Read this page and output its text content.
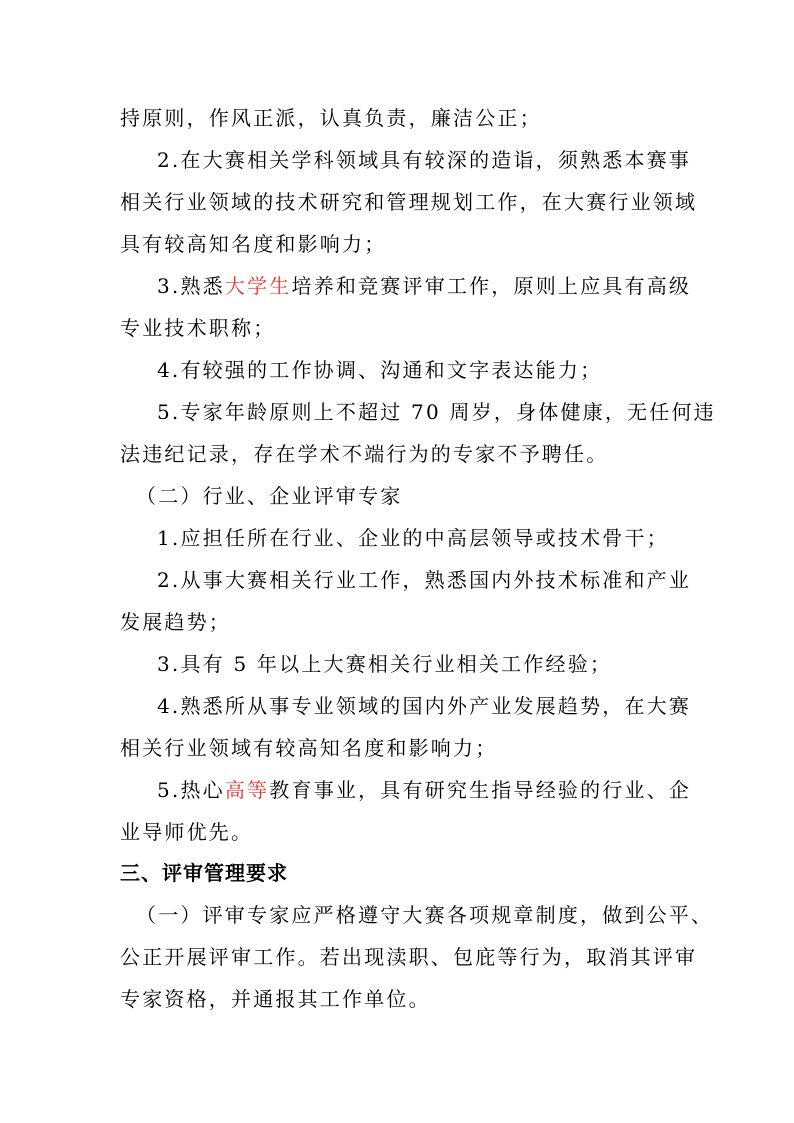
持原则，作风正派，认真负责，廉洁公正；
2.在大赛相关学科领域具有较深的造诣，须熟悉本赛事
相关行业领域的技术研究和管理规划工作，在大赛行业领域
具有较高知名度和影响力；
3.熟悉大学生培养和竞赛评审工作，原则上应具有高级
专业技术职称；
4.有较强的工作协调、沟通和文字表达能力；
5.专家年龄原则上不超过 70 周岁，身体健康，无任何违
法违纪记录，存在学术不端行为的专家不予聘任。
（二）行业、企业评审专家
1.应担任所在行业、企业的中高层领导或技术骨干；
2.从事大赛相关行业工作，熟悉国内外技术标准和产业
发展趋势；
3.具有 5 年以上大赛相关行业相关工作经验；
4.熟悉所从事专业领域的国内外产业发展趋势，在大赛
相关行业领域有较高知名度和影响力；
5.热心高等教育事业，具有研究生指导经验的行业、企
业导师优先。
三、评审管理要求
（一）评审专家应严格遵守大赛各项规章制度，做到公平、
公正开展评审工作。若出现渎职、包庇等行为，取消其评审
专家资格，并通报其工作单位。
